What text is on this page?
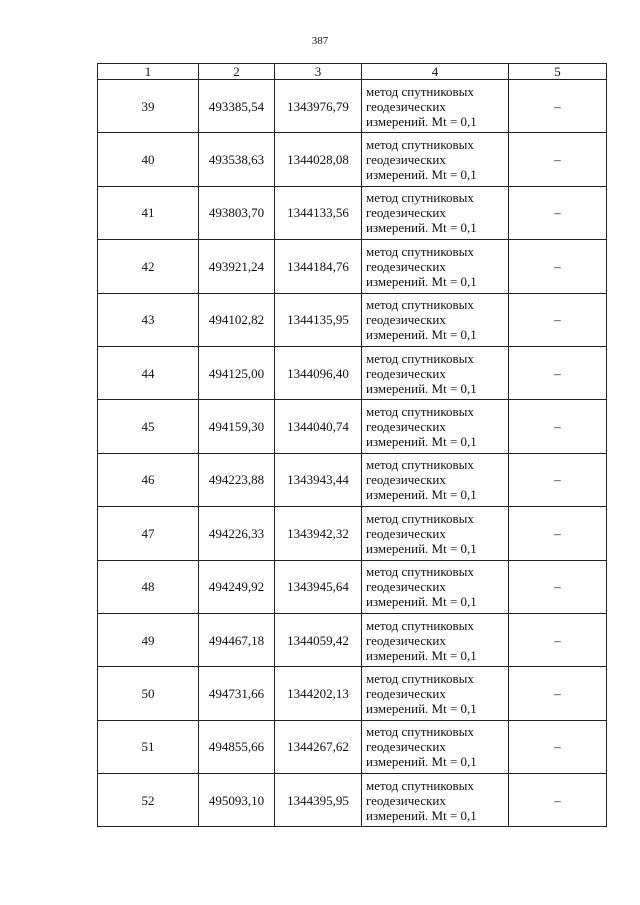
387
1	2	3	4	5
39	493385,54	1343976,79	метод спутниковых
геодезических
измерений. Mt = 0,1	–
40	493538,63	1344028,08	метод спутниковых
геодезических
измерений. Mt = 0,1	–
41	493803,70	1344133,56	метод спутниковых
геодезических
измерений. Mt = 0,1	–
42	493921,24	1344184,76	метод спутниковых
геодезических
измерений. Mt = 0,1	–
43	494102,82	1344135,95	метод спутниковых
геодезических
измерений. Mt = 0,1	–
44	494125,00	1344096,40	метод спутниковых
геодезических
измерений. Mt = 0,1	–
45	494159,30	1344040,74	метод спутниковых
геодезических
измерений. Mt = 0,1	–
46	494223,88	1343943,44	метод спутниковых
геодезических
измерений. Mt = 0,1	–
47	494226,33	1343942,32	метод спутниковых
геодезических
измерений. Mt = 0,1	–
48	494249,92	1343945,64	метод спутниковых
геодезических
измерений. Mt = 0,1	–
49	494467,18	1344059,42	метод спутниковых
геодезических
измерений. Mt = 0,1	–
50	494731,66	1344202,13	метод спутниковых
геодезических
измерений. Mt = 0,1	–
51	494855,66	1344267,62	метод спутниковых
геодезических
измерений. Mt = 0,1	–
52	495093,10	1344395,95	метод спутниковых
геодезических
измерений. Mt = 0,1	–
